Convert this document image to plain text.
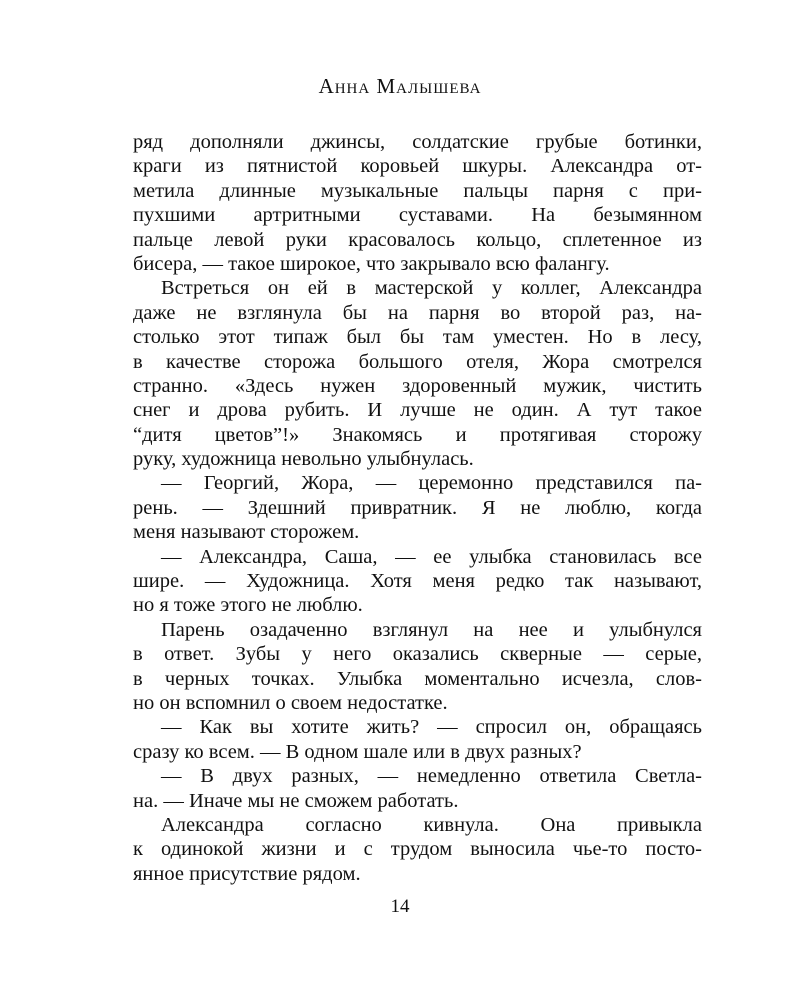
Анна Малышева
ряд дополняли джинсы, солдатские грубые ботинки,
краги из пятнистой коровьей шкуры. Александра от-
метила длинные музыкальные пальцы парня с при-
пухшими артритными суставами. На безымянном
пальце левой руки красовалось кольцо, сплетенное из
бисера, — такое широкое, что закрывало всю фалангу.
Встреться он ей в мастерской у коллег, Александра
даже не взглянула бы на парня во второй раз, на-
столько этот типаж был бы там уместен. Но в лесу,
в качестве сторожа большого отеля, Жора смотрелся
странно. «Здесь нужен здоровенный мужик, чистить
снег и дрова рубить. И лучше не один. А тут такое
“дитя цветов”!» Знакомясь и протягивая сторожу
руку, художница невольно улыбнулась.
— Георгий, Жора, — церемонно представился па-
рень. — Здешний привратник. Я не люблю, когда
меня называют сторожем.
— Александра, Саша, — ее улыбка становилась все
шире. — Художница. Хотя меня редко так называют,
но я тоже этого не люблю.
Парень озадаченно взглянул на нее и улыбнулся
в ответ. Зубы у него оказались скверные — серые,
в черных точках. Улыбка моментально исчезла, слов-
но он вспомнил о своем недостатке.
— Как вы хотите жить? — спросил он, обращаясь
сразу ко всем. — В одном шале или в двух разных?
— В двух разных, — немедленно ответила Светла-
на. — Иначе мы не сможем работать.
Александра согласно кивнула. Она привыкла
к одинокой жизни и с трудом выносила чье-то посто-
янное присутствие рядом.
14
